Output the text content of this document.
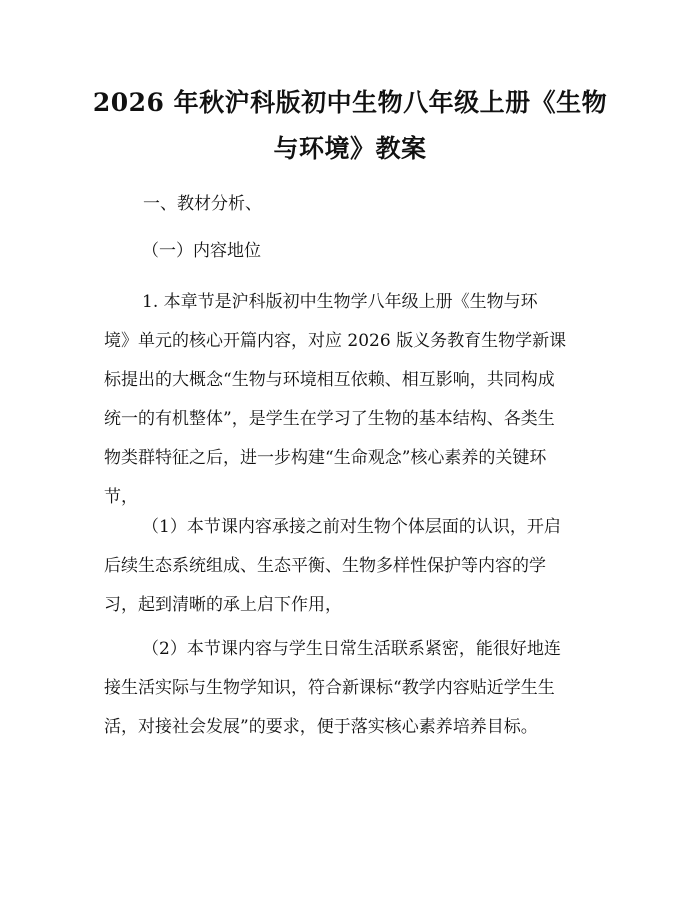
2026 年秋沪科版初中生物八年级上册《生物
与环境》教案
一、教材分析、
（一）内容地位
1. 本章节是沪科版初中生物学八年级上册《生物与环
境》单元的核心开篇内容，对应 2026 版义务教育生物学新课
标提出的大概念“生物与环境相互依赖、相互影响，共同构成
统一的有机整体”，是学生在学习了生物的基本结构、各类生
物类群特征之后，进一步构建“生命观念”核心素养的关键环
节，
（1）本节课内容承接之前对生物个体层面的认识，开启
后续生态系统组成、生态平衡、生物多样性保护等内容的学
习，起到清晰的承上启下作用，
（2）本节课内容与学生日常生活联系紧密，能很好地连
接生活实际与生物学知识，符合新课标“教学内容贴近学生生
活，对接社会发展”的要求，便于落实核心素养培养目标。
